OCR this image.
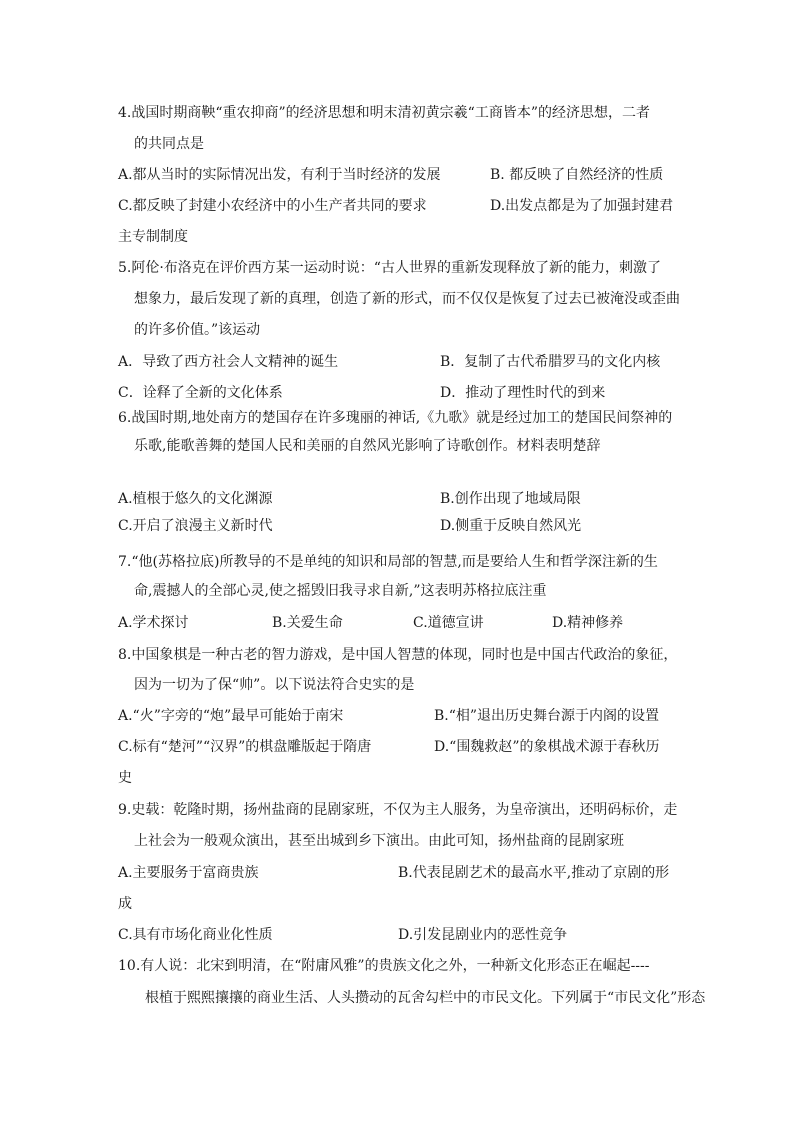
4.战国时期商鞅“重农抑商”的经济思想和明末清初黄宗羲“工商皆本”的经济思想，二者
的共同点是
A.都从当时的实际情况出发，有利于当时经济的发展	B. 都反映了自然经济的性质
C.都反映了封建小农经济中的小生产者共同的要求	D.出发点都是为了加强封建君
主专制制度
5.阿伦·布洛克在评价西方某一运动时说：“古人世界的重新发现释放了新的能力，刺激了
想象力，最后发现了新的真理，创造了新的形式，而不仅仅是恢复了过去已被淹没或歪曲
的许多价值。”该运动
A．导致了西方社会人文精神的诞生	B．复制了古代希腊罗马的文化内核
C．诠释了全新的文化体系	D．推动了理性时代的到来
6.战国时期,地处南方的楚国存在许多瑰丽的神话,《九歌》就是经过加工的楚国民间祭神的
乐歌,能歌善舞的楚国人民和美丽的自然风光影响了诗歌创作。材料表明楚辞
A.植根于悠久的文化渊源	B.创作出现了地域局限
C.开启了浪漫主义新时代	D.侧重于反映自然风光
7.“他(苏格拉底)所教导的不是单纯的知识和局部的智慧,而是要给人生和哲学深注新的生
命,震撼人的全部心灵,使之摇毁旧我寻求自新,”这表明苏格拉底注重
A.学术探讨	B.关爱生命	C.道德宣讲	D.精神修养
8.中国象棋是一种古老的智力游戏，是中国人智慧的体现，同时也是中国古代政治的象征，
因为一切为了保“帅”。以下说法符合史实的是
A.“火”字旁的“炮”最早可能始于南宋	B.“相”退出历史舞台源于内阁的设置
C.标有“楚河”“汉界”的棋盘雕版起于隋唐	D.“围魏救赵”的象棋战术源于春秋历
史
9.史载：乾隆时期，扬州盐商的昆剧家班，不仅为主人服务，为皇帝演出，还明码标价，走
上社会为一般观众演出，甚至出城到乡下演出。由此可知，扬州盐商的昆剧家班
A.主要服务于富商贵族	B.代表昆剧艺术的最高水平,推动了京剧的形
成
C.具有市场化商业化性质	D.引发昆剧业内的恶性竞争
10.有人说：北宋到明清，在“附庸风雅”的贵族文化之外，一种新文化形态正在崛起----
根植于熙熙攘攘的商业生活、人头攒动的瓦舍勾栏中的市民文化。下列属于“市民文化”形态
